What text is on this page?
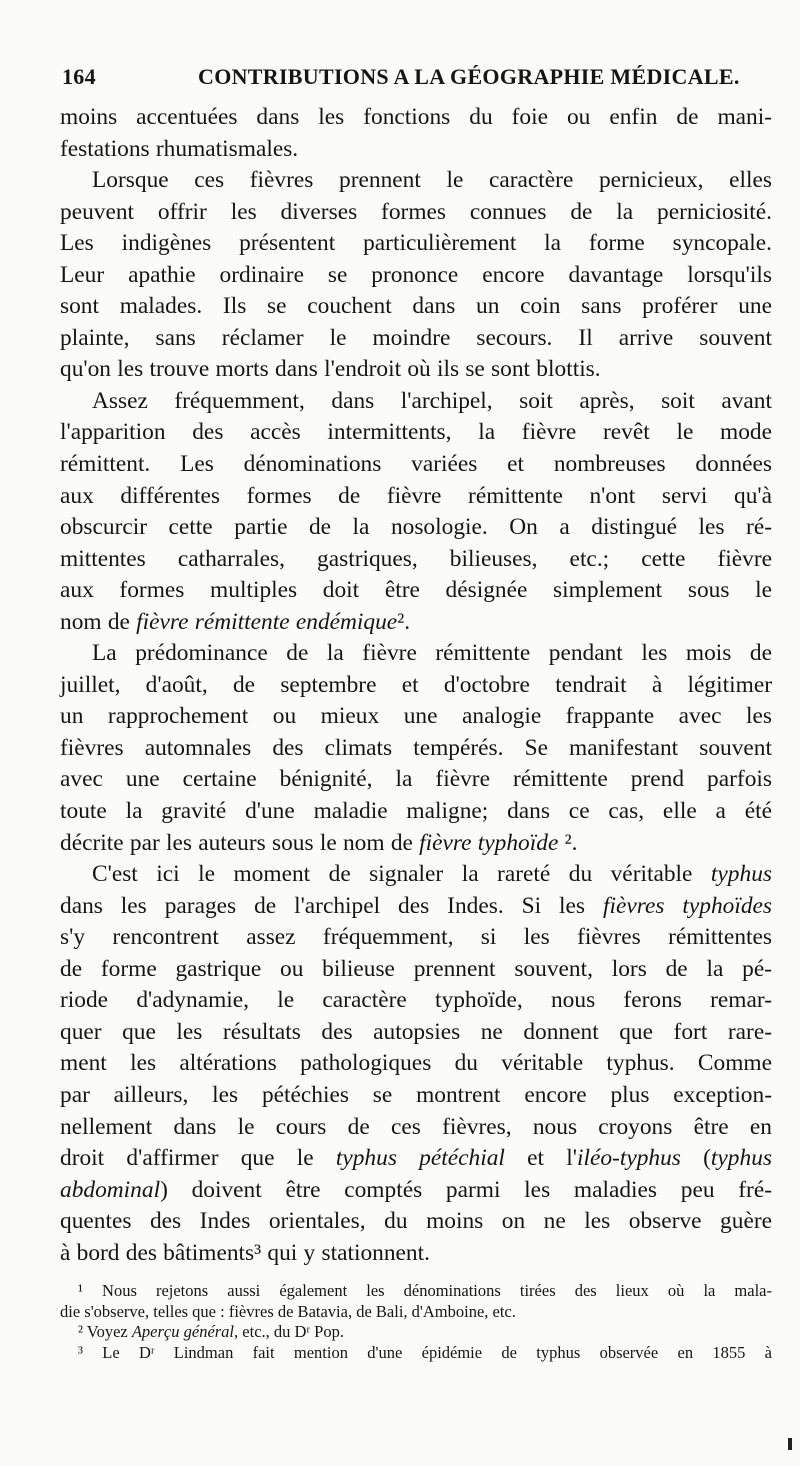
164	CONTRIBUTIONS A LA GÉOGRAPHIE MÉDICALE.

moins accentuées dans les fonctions du foie ou enfin de mani-

festations rhumatismales.

Lorsque ces fièvres prennent le caractère pernicieux, elles

peuvent offrir les diverses formes connues de la perniciosité.

Les indigènes présentent particulièrement la forme syncopale.

Leur apathie ordinaire se prononce encore davantage lorsqu'ils

sont malades. Ils se couchent dans un coin sans proférer une

plainte, sans réclamer le moindre secours. Il arrive souvent

qu'on les trouve morts dans l'endroit où ils se sont blottis.

Assez fréquemment, dans l'archipel, soit après, soit avant

l'apparition des accès intermittents, la fièvre revêt le mode

rémittent. Les dénominations variées et nombreuses données

aux différentes formes de fièvre rémittente n'ont servi qu'à

obscurcir cette partie de la nosologie. On a distingué les ré-

mittentes catharrales, gastriques, bilieuses, etc.; cette fièvre

aux formes multiples doit être désignée simplement sous le

nom de fièvre rémittente endémique².

La prédominance de la fièvre rémittente pendant les mois de

juillet, d'août, de septembre et d'octobre tendrait à légitimer

un rapprochement ou mieux une analogie frappante avec les

fièvres automnales des climats tempérés. Se manifestant souvent

avec une certaine bénignité, la fièvre rémittente prend parfois

toute la gravité d'une maladie maligne; dans ce cas, elle a été

décrite par les auteurs sous le nom de fièvre typhoïde ².

C'est ici le moment de signaler la rareté du véritable typhus

dans les parages de l'archipel des Indes. Si les fièvres typhoïdes

s'y rencontrent assez fréquemment, si les fièvres rémittentes

de forme gastrique ou bilieuse prennent souvent, lors de la pé-

riode d'adynamie, le caractère typhoïde, nous ferons remar-

quer que les résultats des autopsies ne donnent que fort rare-

ment les altérations pathologiques du véritable typhus. Comme

par ailleurs, les pétéchies se montrent encore plus exception-

nellement dans le cours de ces fièvres, nous croyons être en

droit d'affirmer que le typhus pétéchial et l'iléo-typhus (typhus

abdominal) doivent être comptés parmi les maladies peu fré-

quentes des Indes orientales, du moins on ne les observe guère

à bord des bâtiments³ qui y stationnent.

¹ Nous rejetons aussi également les dénominations tirées des lieux où la mala-

die s'observe, telles que : fièvres de Batavia, de Bali, d'Amboine, etc.

² Voyez Aperçu général, etc., du Dʳ Pop.

³ Le Dʳ Lindman fait mention d'une épidémie de typhus observée en 1855 à
